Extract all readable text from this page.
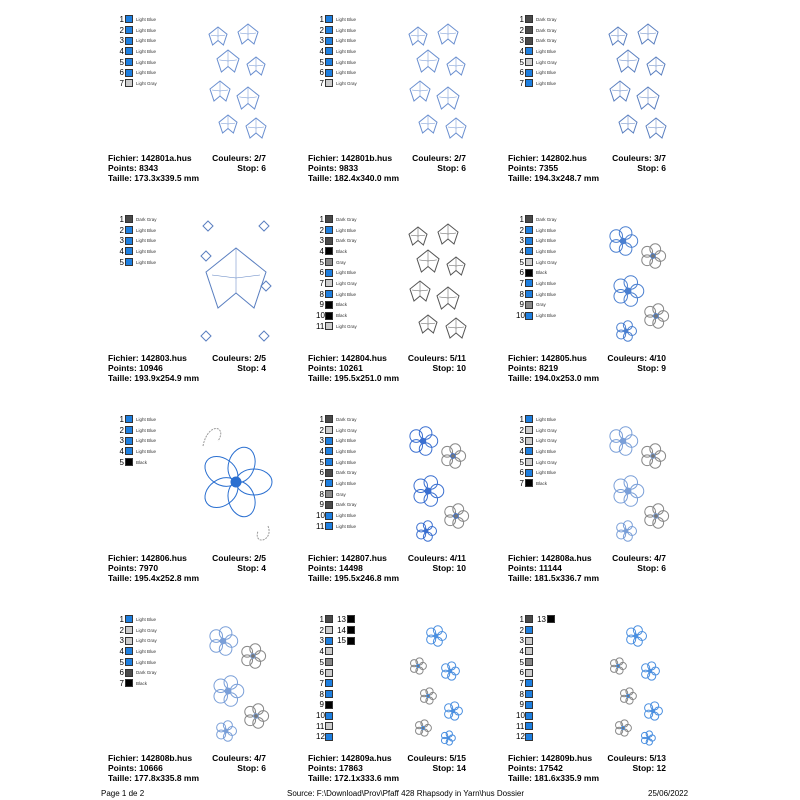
1	Light Blue
2	Light Blue
3	Light Blue
4	Light Blue
5	Light Blue
6	Light Blue
7	Light Gray
Fichier: 142801a.hus Couleurs: 2/7
Points: 8343	Stop: 6
Taille: 173.3x339.5 mm
1	Light Blue
2	Light Blue
3	Light Blue
4	Light Blue
5	Light Blue
6	Light Blue
7	Light Gray
Fichier: 142801b.hus Couleurs: 2/7
Points: 9833	Stop: 6
Taille: 182.4x340.0 mm
1	Dark Gray
2	Dark Gray
3	Dark Gray
4	Light Blue
5	Light Gray
6	Light Blue
7	Light Blue
Fichier: 142802.hus	Couleurs: 3/7
Points: 7355	Stop: 6
Taille: 194.3x248.7 mm
1	Dark Gray
2	Light Blue
3	Light Blue
4	Light Blue
5	Light Blue
Fichier: 142803.hus	Couleurs: 2/5
Points: 10946	Stop: 4
Taille: 193.9x254.9 mm
1	Dark Gray
2	Light Blue
3	Dark Gray
4	Black
5	Gray
6	Light Blue
7	Light Gray
8	Light Blue
9	Black
10 Black
11	Light Gray
Fichier: 142804.hus Couleurs: 5/11
Points: 10261	Stop: 10
Taille: 195.5x251.0 mm
1	Dark Gray
2	Light Blue
3	Light Blue
4	Light Blue
5	Light Gray
6	Black
7	Light Blue
8	Light Blue
9	Gray
10 Light Blue
Fichier: 142805.hus Couleurs: 4/10
Points: 8219	Stop: 9
Taille: 194.0x253.0 mm
1	Light Blue
2	Light Blue
3	Light Blue
4	Light Blue
5	Black
Fichier: 142806.hus	Couleurs: 2/5
Points: 7970	Stop: 4
Taille: 195.4x252.8 mm
1	Dark Gray
2	Light Gray
3	Light Blue
4	Light Blue
5	Light Blue
6	Dark Gray
7	Light Blue
8	Gray
9	Dark Gray
10 Light Blue
11	Light Blue
Fichier: 142807.hus Couleurs: 4/11
Points: 14498	Stop: 10
Taille: 195.5x246.8 mm
1	Light Blue
2	Light Gray
3	Light Gray
4	Light Blue
5	Light Gray
6	Light Blue
7	Black
Fichier: 142808a.hus Couleurs: 4/7
Points: 11144	Stop: 6
Taille: 181.5x336.7 mm
1	Light Blue
2	Light Gray
3	Light Gray
4	Light Blue
5	Light Blue
6	Dark Gray
7	Black
Fichier: 142808b.hus Couleurs: 4/7
Points: 10666	Stop: 6
Taille: 177.8x335.8 mm
1 13
2 14
3 15
4
5
6
7
8
9
10
11
12
Fichier: 142809a.hus Couleurs: 5/15
Points: 17863	Stop: 14
Taille: 172.1x333.6 mm
1 13
2
3
4
5
6
7
8
9
10
11
12
Fichier: 142809b.hus Couleurs: 5/13
Points: 17542	Stop: 12
Taille: 181.6x335.9 mm
Page 1 de 2	Source: F:\Download\Prov\Pfaff 428 Rhapsody in Yarn\hus Dossier	25/06/2022
